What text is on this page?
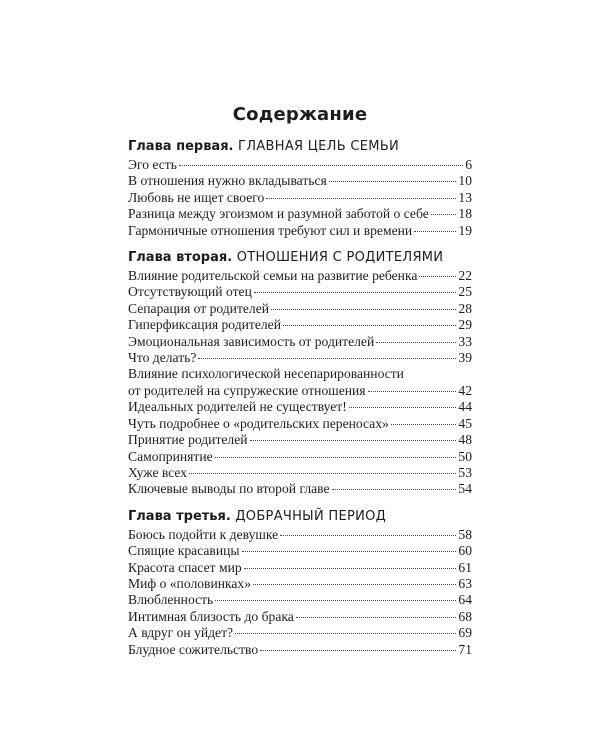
Содержание
Глава первая. ГЛАВНАЯ ЦЕЛЬ СЕМЬИ
Эго есть	6
В отношения нужно вкладываться	10
Любовь не ищет своего	13
Разница между эгоизмом и разумной заботой о себе 18
Гармоничные отношения требуют сил и времени	19
Глава вторая. ОТНОШЕНИЯ С РОДИТЕЛЯМИ
Влияние родительской семьи на развитие ребенка	22
Отсутствующий отец	25
Сепарация от родителей	28
Гиперфиксация родителей	29
Эмоциональная зависимость от родителей	33
Что делать?	39
Влияние психологической несепарированности
от родителей на супружеские отношения	42
Идеальных родителей не существует!	44
Чуть подробнее о «родительских переносах»	45
Принятие родителей	48
Самопринятие	50
Хуже всех	53
Ключевые выводы по второй главе	54
Глава третья. ДОБРАЧНЫЙ ПЕРИОД
Боюсь подойти к девушке	58
Спящие красавицы	60
Красота спасет мир	61
Миф о «половинках»	63
Влюбленность	64
Интимная близость до брака	68
А вдруг он уйдет?	69
Блудное сожительство	71
